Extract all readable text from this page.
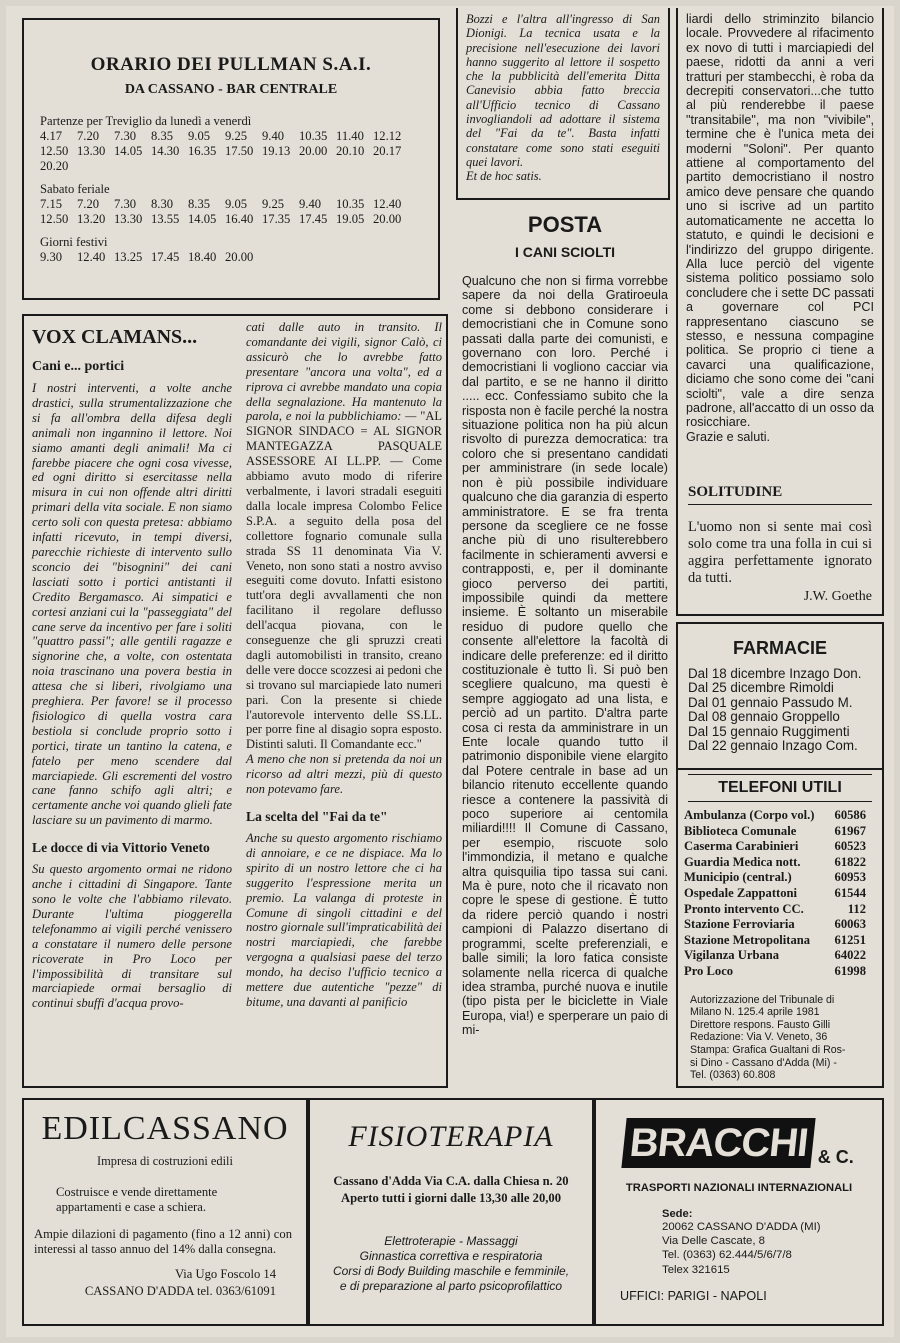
ORARIO DEI PULLMAN S.A.I.
DA CASSANO - BAR CENTRALE
Partenze per Treviglio da lunedì a venerdì
4.17	7.20	7.30	8.35	9.05	9.25	9.40	10.35 11.40 12.12
12.50 13.30 14.05 14.30 16.35 17.50 19.13 20.00 20.10 20.17
20.20
Sabato feriale
7.15	7.20	7.30	8.30	8.35	9.05	9.25	9.40	10.35 12.40
12.50 13.20 13.30 13.55 14.05 16.40 17.35 17.45 19.05 20.00
Giorni festivi
9.30	12.40 13.25 17.45 18.40 20.00
Bozzi e l'altra all'ingresso di San Dionigi. La tecnica usata e la precisione nell'esecuzione dei lavori hanno suggerito al lettore il sospetto che la pubblicità dell'emerita Ditta Canevisio abbia fatto breccia all'Ufficio tecnico di Cassano invogliandoli ad adottare il sistema del "Fai da te". Basta infatti constatare come sono stati eseguiti quei lavori.
Et de hoc satis.
liardi dello striminzito bilancio locale. Provvedere al rifacimento ex novo di tutti i marciapiedi del paese, ridotti da anni a veri tratturi per stambecchi, è roba da decrepiti conservatori...che tutto al più renderebbe il paese "transitabile", ma non "vivibile", termine che è l'unica meta dei moderni "Soloni". Per quanto attiene al comportamento del partito democristiano il nostro amico deve pensare che quando uno si iscrive ad un partito automaticamente ne accetta lo statuto, e quindi le decisioni e l'indirizzo del gruppo dirigente. Alla luce perciò del vigente sistema politico possiamo solo concludere che i sette DC passati a governare col PCI rappresentano ciascuno se stesso, e nessuna compagine politica. Se proprio ci tiene a cavarci una qualificazione, diciamo che sono come dei "cani sciolti", vale a dire senza padrone, all'accatto di un osso da rosicchiare.
Grazie e saluti.
SOLITUDINE
L'uomo non si sente mai così solo come tra una folla in cui si aggira perfettamente ignorato da tutti.
J.W. Goethe
VOX CLAMANS...
Cani e... portici
I nostri interventi, a volte anche drastici, sulla strumentalizzazione che si fa all'ombra della difesa degli animali non ingannino il lettore. Noi siamo amanti degli animali! Ma ci farebbe piacere che ogni cosa vivesse, ed ogni diritto si esercitasse nella misura in cui non offende altri diritti primari della vita sociale. E non siamo certo soli con questa pretesa: abbiamo infatti ricevuto, in tempi diversi, parecchie richieste di intervento sullo sconcio dei "bisognini" dei cani lasciati sotto i portici antistanti il Credito Bergamasco. Ai simpatici e cortesi anziani cui la "passeggiata" del cane serve da incentivo per fare i soliti "quattro passi"; alle gentili ragazze e signorine che, a volte, con ostentata noia trascinano una povera bestia in attesa che si liberi, rivolgiamo una preghiera. Per favore! se il processo fisiologico di quella vostra cara bestiola si conclude proprio sotto i portici, tirate un tantino la catena, e fatelo per meno scendere dal marciapiede. Gli escrementi del vostro cane fanno schifo agli altri; e certamente anche voi quando glieli fate lasciare su un pavimento di marmo.
Le docce di via Vittorio Veneto
Su questo argomento ormai ne ridono anche i cittadini di Singapore. Tante sono le volte che l'abbiamo rilevato. Durante l'ultima pioggerella telefonammo ai vigili perché venissero a constatare il numero delle persone ricoverate in Pro Loco per l'impossibilità di transitare sul marciapiede ormai bersaglio di continui sbuffi d'acqua provo-
cati dalle auto in transito. Il comandante dei vigili, signor Calò, ci assicurò che lo avrebbe fatto presentare "ancora una volta", ed a riprova ci avrebbe mandato una copia della segnalazione. Ha mantenuto la parola, e noi la pubblichiamo: — "AL SIGNOR SINDACO = AL SIGNOR MANTEGAZZA PASQUALE ASSESSORE AI LL.PP. — Come abbiamo avuto modo di riferire verbalmente, i lavori stradali eseguiti dalla locale impresa Colombo Felice S.P.A. a seguito della posa del collettore fognario comunale sulla strada SS 11 denominata Via V. Veneto, non sono stati a nostro avviso eseguiti come dovuto. Infatti esistono tutt'ora degli avvallamenti che non facilitano il regolare deflusso dell'acqua piovana, con le conseguenze che gli spruzzi creati dagli automobilisti in transito, creano delle vere docce scozzesi ai pedoni che si trovano sul marciapiede lato numeri pari. Con la presente si chiede l'autorevole intervento delle SS.LL. per porre fine al disagio sopra esposto. Distinti saluti. Il Comandante ecc."
A meno che non si pretenda da noi un ricorso ad altri mezzi, più di questo non potevamo fare.
La scelta del "Fai da te"
Anche su questo argomento rischiamo di annoiare, e ce ne dispiace. Ma lo spirito di un nostro lettore che ci ha suggerito l'espressione merita un premio. La valanga di proteste in Comune di singoli cittadini e del nostro giornale sull'impraticabilità dei nostri marciapiedi, che farebbe vergogna a qualsiasi paese del terzo mondo, ha deciso l'ufficio tecnico a mettere due autentiche "pezze" di bitume, una davanti al panificio
POSTA
I CANI SCIOLTI
Qualcuno che non si firma vorrebbe sapere da noi della Gratiroeula come si debbono considerare i democristiani che in Comune sono passati dalla parte dei comunisti, e governano con loro. Perché i democristiani li vogliono cacciar via dal partito, e se ne hanno il diritto ..... ecc. Confessiamo subito che la risposta non è facile perché la nostra situazione politica non ha più alcun risvolto di purezza democratica: tra coloro che si presentano candidati per amministrare (in sede locale) non è più possibile individuare qualcuno che dia garanzia di esperto amministratore. E se fra trenta persone da scegliere ce ne fosse anche più di uno risulterebbero facilmente in schieramenti avversi e contrapposti, e, per il dominante gioco perverso dei partiti, impossibile quindi da mettere insieme. È soltanto un miserabile residuo di pudore quello che consente all'elettore la facoltà di indicare delle preferenze: ed il diritto costituzionale è tutto lì. Si può ben scegliere qualcuno, ma questi è sempre aggiogato ad una lista, e perciò ad un partito. D'altra parte cosa ci resta da amministrare in un Ente locale quando tutto il patrimonio disponibile viene elargito dal Potere centrale in base ad un bilancio ritenuto eccellente quando riesce a contenere la passività di poco superiore ai centomila miliardi!!!! Il Comune di Cassano, per esempio, riscuote solo l'immondizia, il metano e qualche altra quisquilia tipo tassa sui cani. Ma è pure, noto che il ricavato non copre le spese di gestione. È tutto da ridere perciò quando i nostri campioni di Palazzo disertano di programmi, scelte preferenziali, e balle simili; la loro fatica consiste solamente nella ricerca di qualche idea stramba, purché nuova e inutile (tipo pista per le biciclette in Viale Europa, via!) e sperperare un paio di mi-
FARMACIE
Dal 18 dicembre Inzago Don.
Dal 25 dicembre Rimoldi
Dal 01 gennaio Passudo M.
Dal 08 gennaio Groppello
Dal 15 gennaio Ruggimenti
Dal 22 gennaio Inzago Com.
TELEFONI UTILI
Ambulanza (Corpo vol.) 60586
Biblioteca Comunale	61967
Caserma Carabinieri	60523
Guardia Medica nott.	61822
Municipio (central.)	60953
Ospedale Zappattoni	61544
Pronto intervento CC.	112
Stazione Ferroviaria	60063
Stazione Metropolitana 61251
Vigilanza Urbana	64022
Pro Loco	61998
Autorizzazione del Tribunale di
Milano N. 125.4 aprile 1981
Direttore respons. Fausto Gilli
Redazione: Via V. Veneto, 36
Stampa: Grafica Gualtani di Ros-
si Dino - Cassano d'Adda (Mi) -
Tel. (0363) 60.808
EDILCASSANO
Impresa di costruzioni edili
Costruisce e vende direttamente appartamenti e case a schiera.
Ampie dilazioni di pagamento (fino a 12 anni) con interessi al tasso annuo del 14% dalla consegna.
Via Ugo Foscolo 14
CASSANO D'ADDA tel. 0363/61091
FISIOTERAPIA
Cassano d'Adda Via C.A. dalla Chiesa n. 20
Aperto tutti i giorni dalle 13,30 alle 20,00
Elettroterapie - Massaggi
Ginnastica correttiva e respiratoria
Corsi di Body Building maschile e femminile,
e di preparazione al parto psicoprofilattico
BRACCHI & C.
TRASPORTI NAZIONALI INTERNAZIONALI
Sede:
20062 CASSANO D'ADDA (MI)
Via Delle Cascate, 8
Tel. (0363) 62.444/5/6/7/8
Telex 321615
UFFICI: PARIGI - NAPOLI
